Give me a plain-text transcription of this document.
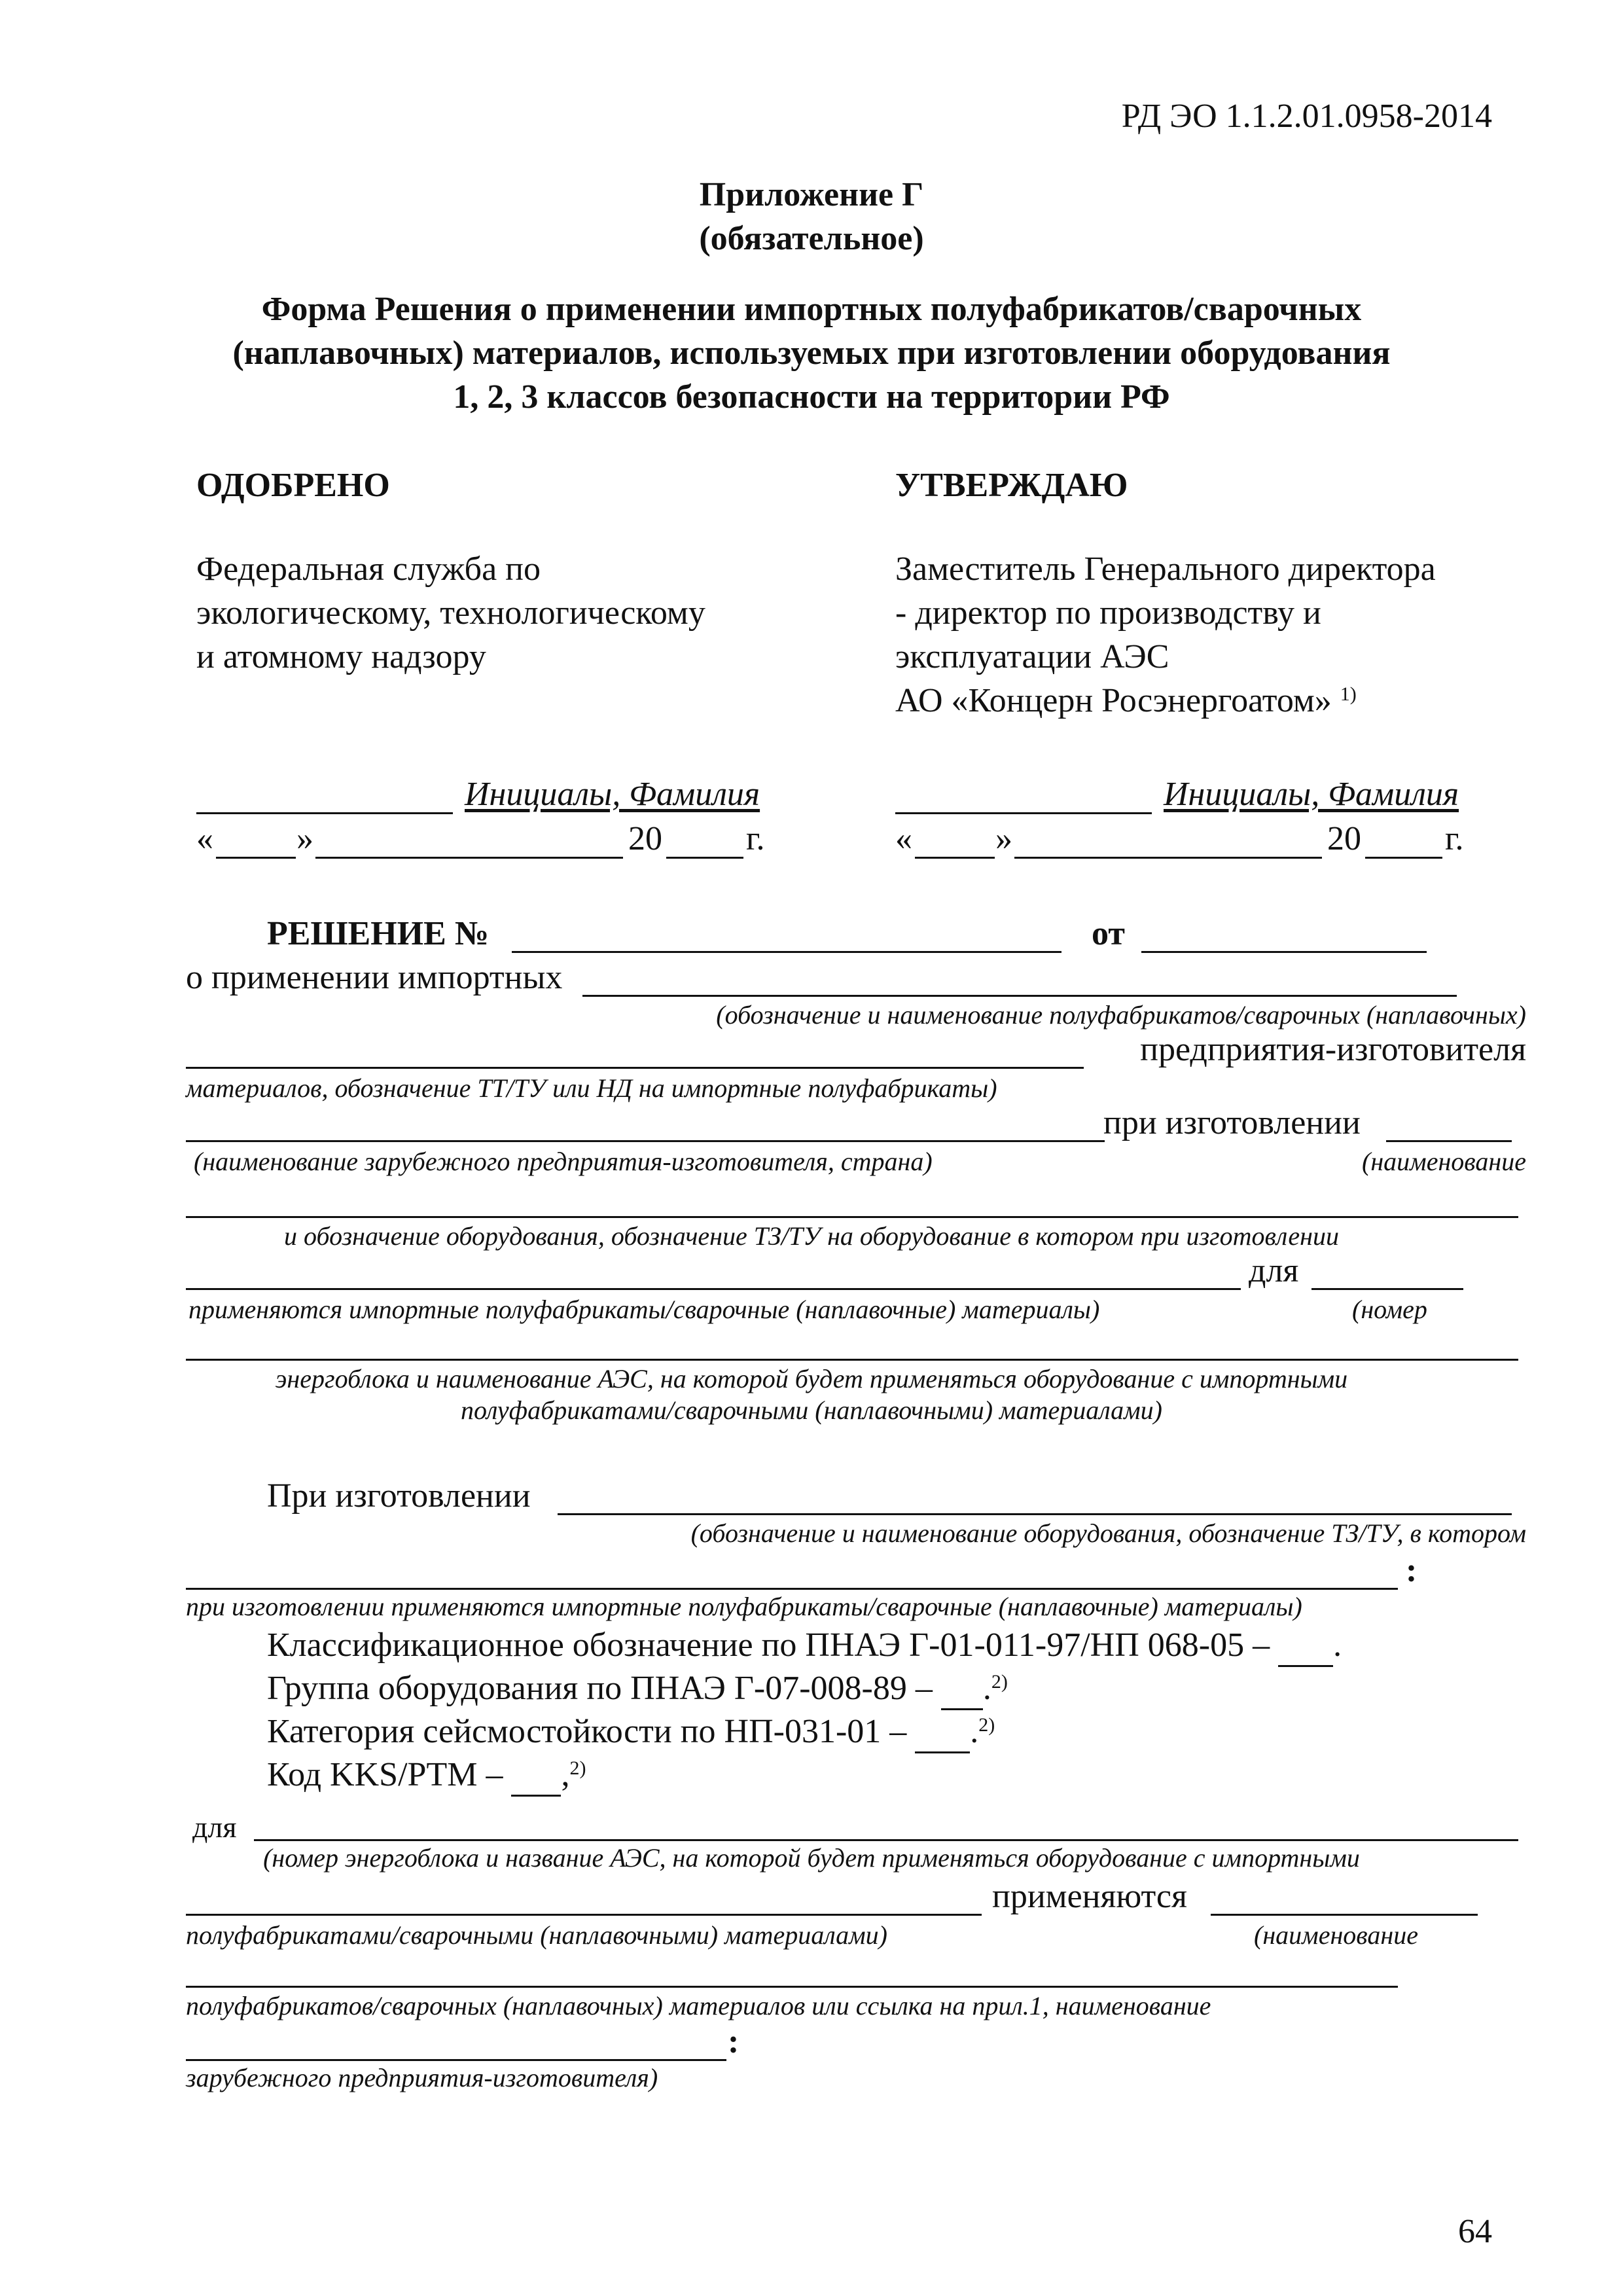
РД ЭО 1.1.2.01.0958-2014
Приложение Г
(обязательное)
Форма Решения о применении импортных полуфабрикатов/сварочных
(наплавочных) материалов, используемых при изготовлении оборудования
1, 2, 3 классов безопасности на территории РФ
ОДОБРЕНО
Федеральная служба по
экологическому, технологическому
и атомному надзору
Инициалы, Фамилия
« »	20 г.
УТВЕРЖДАЮ
Заместитель Генерального директора
- директор по производству и
эксплуатации АЭС
АО «Концерн Росэнергоатом» $^{1)}$
Инициалы, Фамилия
« »	20 г.
РЕШЕНИЕ №	от
о применении импортных
(обозначение и наименование полуфабрикатов/сварочных (наплавочных)
предприятия-изготовителя
материалов, обозначение ТТ/ТУ или НД на импортные полуфабрикаты)
при изготовлении
(наименование зарубежного предприятия-изготовителя, страна)	(наименование
и обозначение оборудования, обозначение ТЗ/ТУ на оборудование в котором при изготовлении
для
применяются импортные полуфабрикаты/сварочные (наплавочные) материалы)	(номер
энергоблока и наименование АЭС, на которой будет применяться оборудование с импортными
полуфабрикатами/сварочными (наплавочными) материалами)
При изготовлении
(обозначение и наименование оборудования, обозначение ТЗ/ТУ, в котором
:
при изготовлении применяются импортные полуфабрикаты/сварочные (наплавочные) материалы)
Классификационное обозначение по ПНАЭ Г-01-011-97/НП 068-05 – .
Группа оборудования по ПНАЭ Г-07-008-89 – .$^{2)}$
Категория сейсмостойкости по НП-031-01 – .$^{2)}$
Код KKS/PTM – ,$^{2)}$
для
(номер энергоблока и название АЭС, на которой будет применяться оборудование с импортными
применяются
полуфабрикатами/сварочными (наплавочными) материалами)	(наименование
полуфабрикатов/сварочных (наплавочных) материалов или ссылка на прил.1, наименование
:
зарубежного предприятия-изготовителя)
64
